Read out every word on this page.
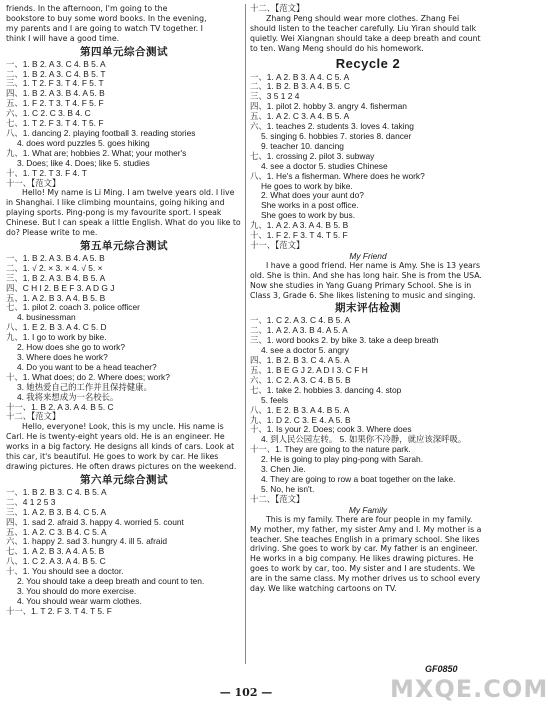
friends. In the afternoon, I'm going to the
bookstore to buy some word books. In the evening,
my parents and I are going to watch TV together. I
think I will have a good time.
第四单元综合测试
一、1. B 2. A 3. C 4. B 5. A
二、1. B 2. A 3. C 4. B 5. T
三、1. T 2. F 3. T 4. F 5. T
四、1. B 2. A 3. B 4. A 5. B
五、1. F 2. T 3. T 4. F 5. F
六、1. C 2. C 3. B 4. C
七、1. T 2. F 3. T 4. T 5. F
八、1. dancing 2. playing football 3. reading stories
4. does word puzzles 5. goes hiking
九、1. What are; hobbies 2. What; your mother's
3. Does; like 4. Does; like 5. studies
十、1. T 2. T 3. F 4. T
十一、【范文】
Hello! My name is Li Ming. I am twelve years old. I live in Shanghai. I like climbing mountains, going hiking and playing sports. Ping-pong is my favourite sport. I speak Chinese. But I can speak a little English. What do you like to do? Please write to me.
第五单元综合测试
一、1. B 2. A 3. B 4. A 5. B
二、1. √ 2. × 3. × 4. √ 5. ×
三、1. B 2. A 3. B 4. B 5. A
四、C H I 2. B E F 3. A D G J
五、1. A 2. B 3. A 4. B 5. B
七、1. pilot 2. coach 3. police officer
4. businessman
八、1. E 2. B 3. A 4. C 5. D
九、1. I go to work by bike.
2. How does she go to work?
3. Where does he work?
4. Do you want to be a head teacher?
十、1. What does; do 2. Where does; work?
3. 她热爱自己的工作并且保持健康。
4. 我将来想成为一名校长。
十一、1. B 2. A 3. A 4. B 5. C
十二、【范文】
Hello, everyone! Look, this is my uncle. His name is Carl. He is twenty-eight years old. He is an engineer. He works in a big factory. He designs all kinds of cars. Look at this car, it's beautiful. He goes to work by car. He likes drawing pictures. He often draws pictures on the weekend.
第六单元综合测试
一、1. B 2. B 3. C 4. B 5. A
二、4 1 2 5 3
三、1. A 2. B 3. B 4. C 5. A
四、1. sad 2. afraid 3. happy 4. worried 5. count
五、1. A 2. C 3. B 4. C 5. A
六、1. happy 2. sad 3. hungry 4. ill 5. afraid
七、1. A 2. B 3. A 4. A 5. B
八、1. C 2. A 3. A 4. B 5. C
十、1. You should see a doctor.
2. You should take a deep breath and count to ten.
3. You should do more exercise.
4. You should wear warm clothes.
十一、1. T 2. F 3. T 4. T 5. F
十二、【范文】
Zhang Peng should wear more clothes. Zhang Fei should listen to the teacher carefully. Liu Yiran should talk quietly. Wei Xiangnan should take a deep breath and count to ten. Wang Meng should do his homework.
Recycle 2
一、1. A 2. B 3. A 4. C 5. A
二、1. B 2. B 3. A 4. B 5. C
三、3 5 1 2 4
四、1. pilot 2. hobby 3. angry 4. fisherman
五、1. A 2. C 3. A 4. B 5. A
六、1. teaches 2. students 3. loves 4. taking
5. singing 6. hobbies 7. stories 8. dancer
9. teacher 10. dancing
七、1. crossing 2. pilot 3. subway
4. see a doctor 5. studies Chinese
八、1. He's a fisherman. Where does he work?
He goes to work by bike.
2. What does your aunt do?
She works in a post office.
She goes to work by bus.
九、1. A 2. A 3. A 4. B 5. B
十、1. F 2. F 3. T 4. T 5. F
十一、【范文】
My Friend
I have a good friend. Her name is Amy. She is 13 years old. She is thin. And she has long hair. She is from the USA. Now she studies in Yang Guang Primary School. She is in Class 3, Grade 6. She likes listening to music and singing.
期末评估检测
一、1. C 2. A 3. C 4. B 5. A
二、1. A 2. A 3. B 4. A 5. A
三、1. word books 2. by bike 3. take a deep breath
4. see a doctor 5. angry
四、1. B 2. B 3. C 4. A 5. A
五、1. B E G J 2. A D I 3. C F H
六、1. C 2. A 3. C 4. B 5. B
七、1. take 2. hobbies 3. dancing 4. stop
5. feels
八、1. E 2. B 3. A 4. B 5. A
九、1. D 2. C 3. E 4. A 5. B
十、1. Is your 2. Does; cook 3. Where does
4. 到人民公园左转。 5. 如果你不冷静，就应该深呼吸。
十一、1. They are going to the nature park.
2. He is going to play ping-pong with Sarah.
3. Chen Jie.
4. They are going to row a boat together on the lake.
5. No, he isn't.
十二、【范文】
My Family
This is my family. There are four people in my family. My mother, my father, my sister Amy and I. My mother is a teacher. She teaches English in a primary school. She likes driving. She goes to work by car. My father is an engineer. He works in a big company. He likes drawing pictures. He goes to work by car, too. My sister and I are students. We are in the same class. My mother drives us to school every day. We like watching cartoons on TV.
GF0850
MXQE.COM
— 102 —
